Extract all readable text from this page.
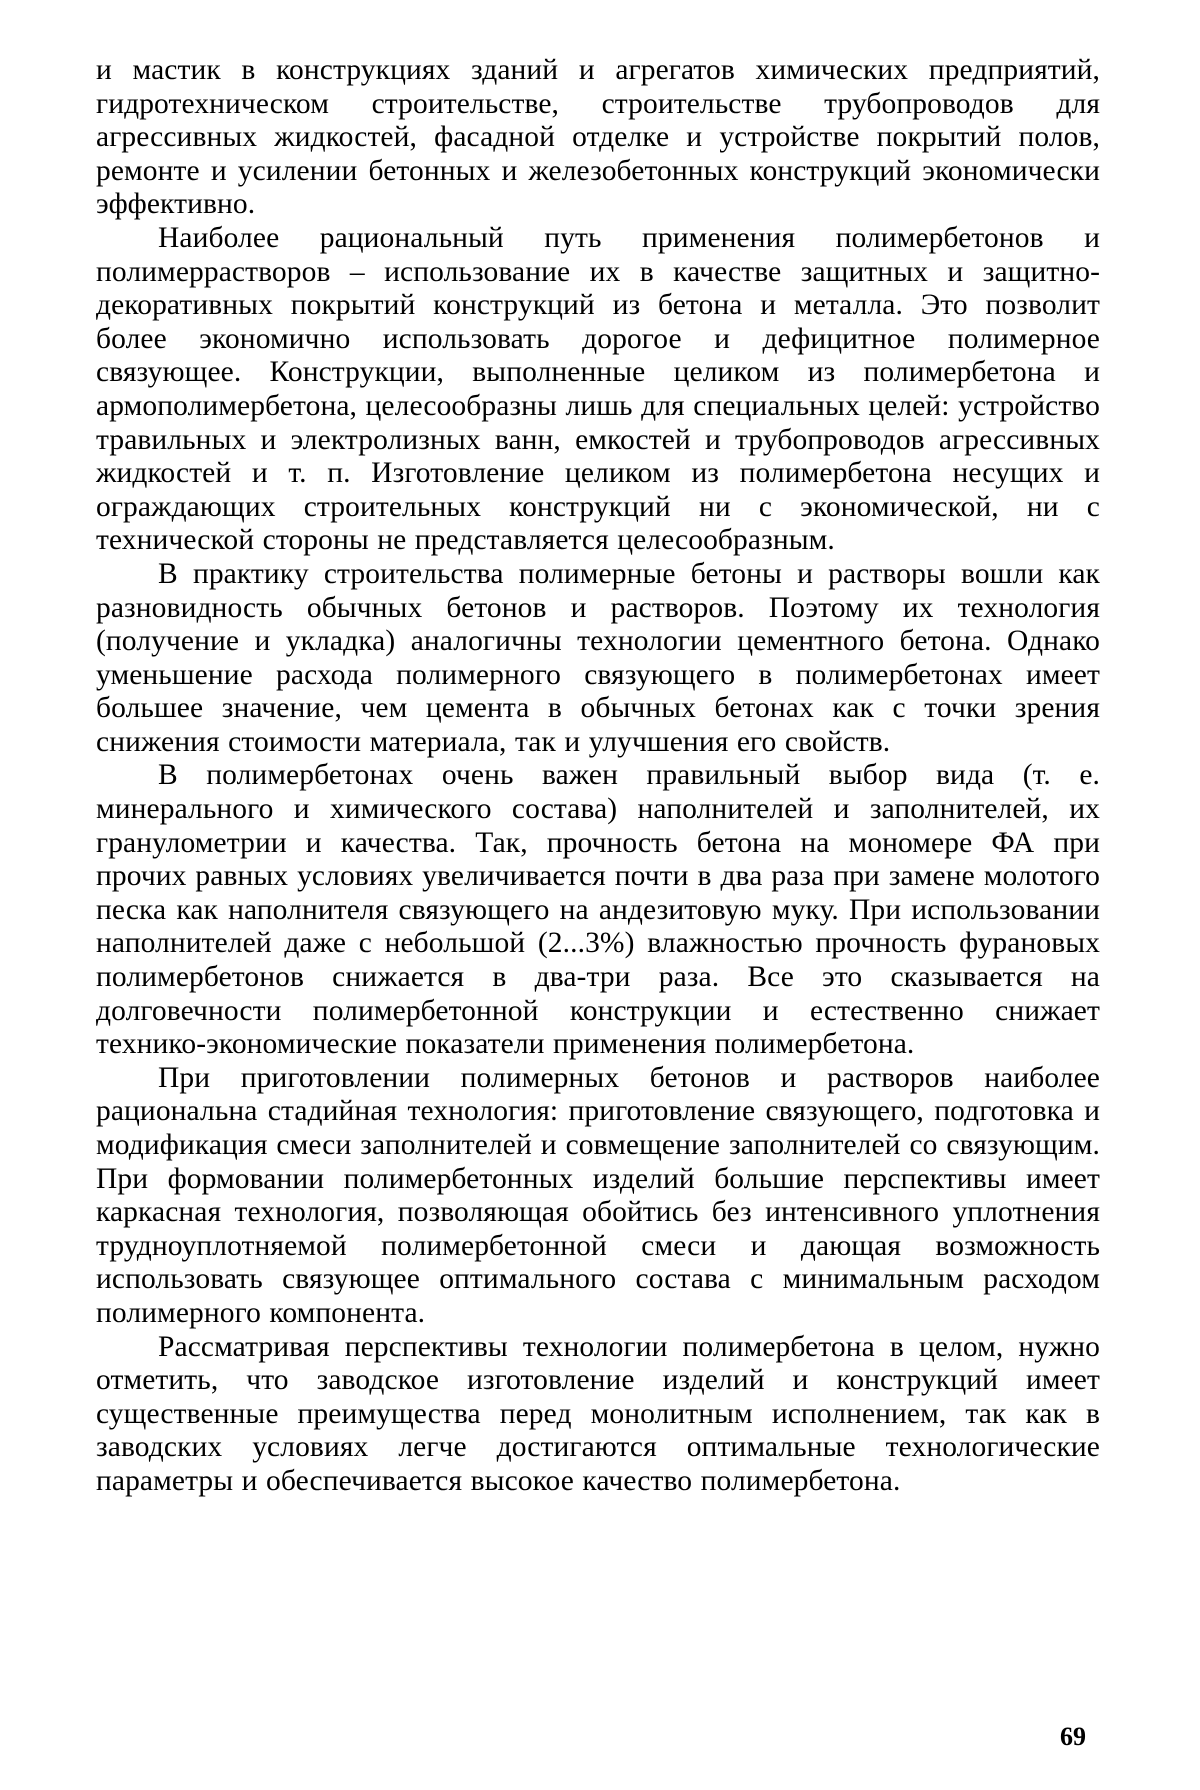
и мастик в конструкциях зданий и агрегатов химических предприятий, гидротехническом строительстве, строительстве трубопроводов для агрессивных жидкостей, фасадной отделке и устройстве покрытий полов, ремонте и усилении бетонных и железобетонных конструкций экономически эффективно.

Наиболее рациональный путь применения полимербетонов и полимеррастворов – использование их в качестве защитных и защитно-декоративных покрытий конструкций из бетона и металла. Это позволит более экономично использовать дорогое и дефицитное полимерное связующее. Конструкции, выполненные целиком из полимербетона и армополимербетона, целесообразны лишь для специальных целей: устройство травильных и электролизных ванн, емкостей и трубопроводов агрессивных жидкостей и т. п. Изготовление целиком из полимербетона несущих и ограждающих строительных конструкций ни с экономической, ни с технической стороны не представляется целесообразным.

В практику строительства полимерные бетоны и растворы вошли как разновидность обычных бетонов и растворов. Поэтому их технология (получение и укладка) аналогичны технологии цементного бетона. Однако уменьшение расхода полимерного связующего в полимербетонах имеет большее значение, чем цемента в обычных бетонах как с точки зрения снижения стоимости материала, так и улучшения его свойств.

В полимербетонах очень важен правильный выбор вида (т. е. минерального и химического состава) наполнителей и заполнителей, их гранулометрии и качества. Так, прочность бетона на мономере ФА при прочих равных условиях увеличивается почти в два раза при замене молотого песка как наполнителя связующего на андезитовую муку. При использовании наполнителей даже с небольшой (2...3%) влажностью прочность фурановых полимербетонов снижается в два-три раза. Все это сказывается на долговечности полимербетонной конструкции и естественно снижает технико-экономические показатели применения полимербетона.

При приготовлении полимерных бетонов и растворов наиболее рациональна стадийная технология: приготовление связующего, подготовка и модификация смеси заполнителей и совмещение заполнителей со связующим. При формовании полимербетонных изделий большие перспективы имеет каркасная технология, позволяющая обойтись без интенсивного уплотнения трудноуплотняемой полимербетонной смеси и дающая возможность использовать связующее оптимального состава с минимальным расходом полимерного компонента.

Рассматривая перспективы технологии полимербетона в целом, нужно отметить, что заводское изготовление изделий и конструкций имеет существенные преимущества перед монолитным исполнением, так как в заводских условиях легче достигаются оптимальные технологические параметры и обеспечивается высокое качество полимербетона.

69
